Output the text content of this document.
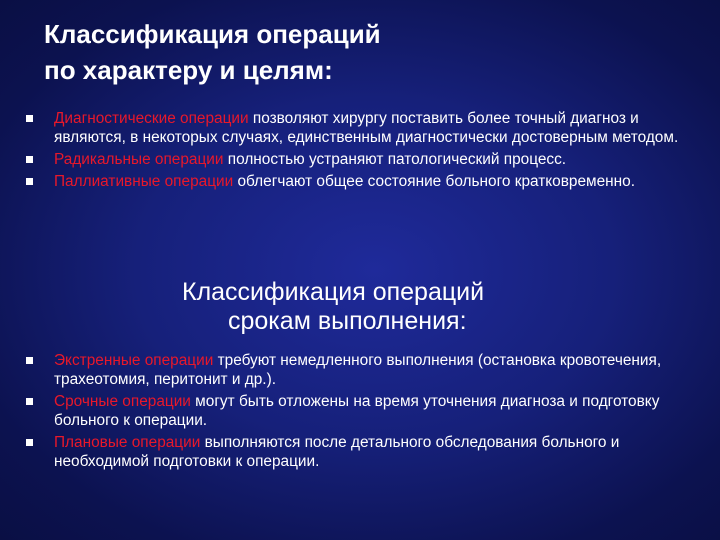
Классификация операций
по характеру и целям:
Диагностические операции позволяют хирургу поставить более точный диагноз и являются, в некоторых случаях, единственным диагностически достоверным методом.
Радикальные операции полностью устраняют патологический процесс.
Паллиативные операции облегчают общее состояние больного кратковременно.
Классификация операций
срокам выполнения:
Экстренные операции требуют немедленного выполнения (остановка кровотечения, трахеотомия, перитонит и др.).
Срочные операции могут быть отложены на время уточнения диагноза и подготовку больного к операции.
Плановые операции выполняются после детального обследования больного и необходимой подготовки к операции.
